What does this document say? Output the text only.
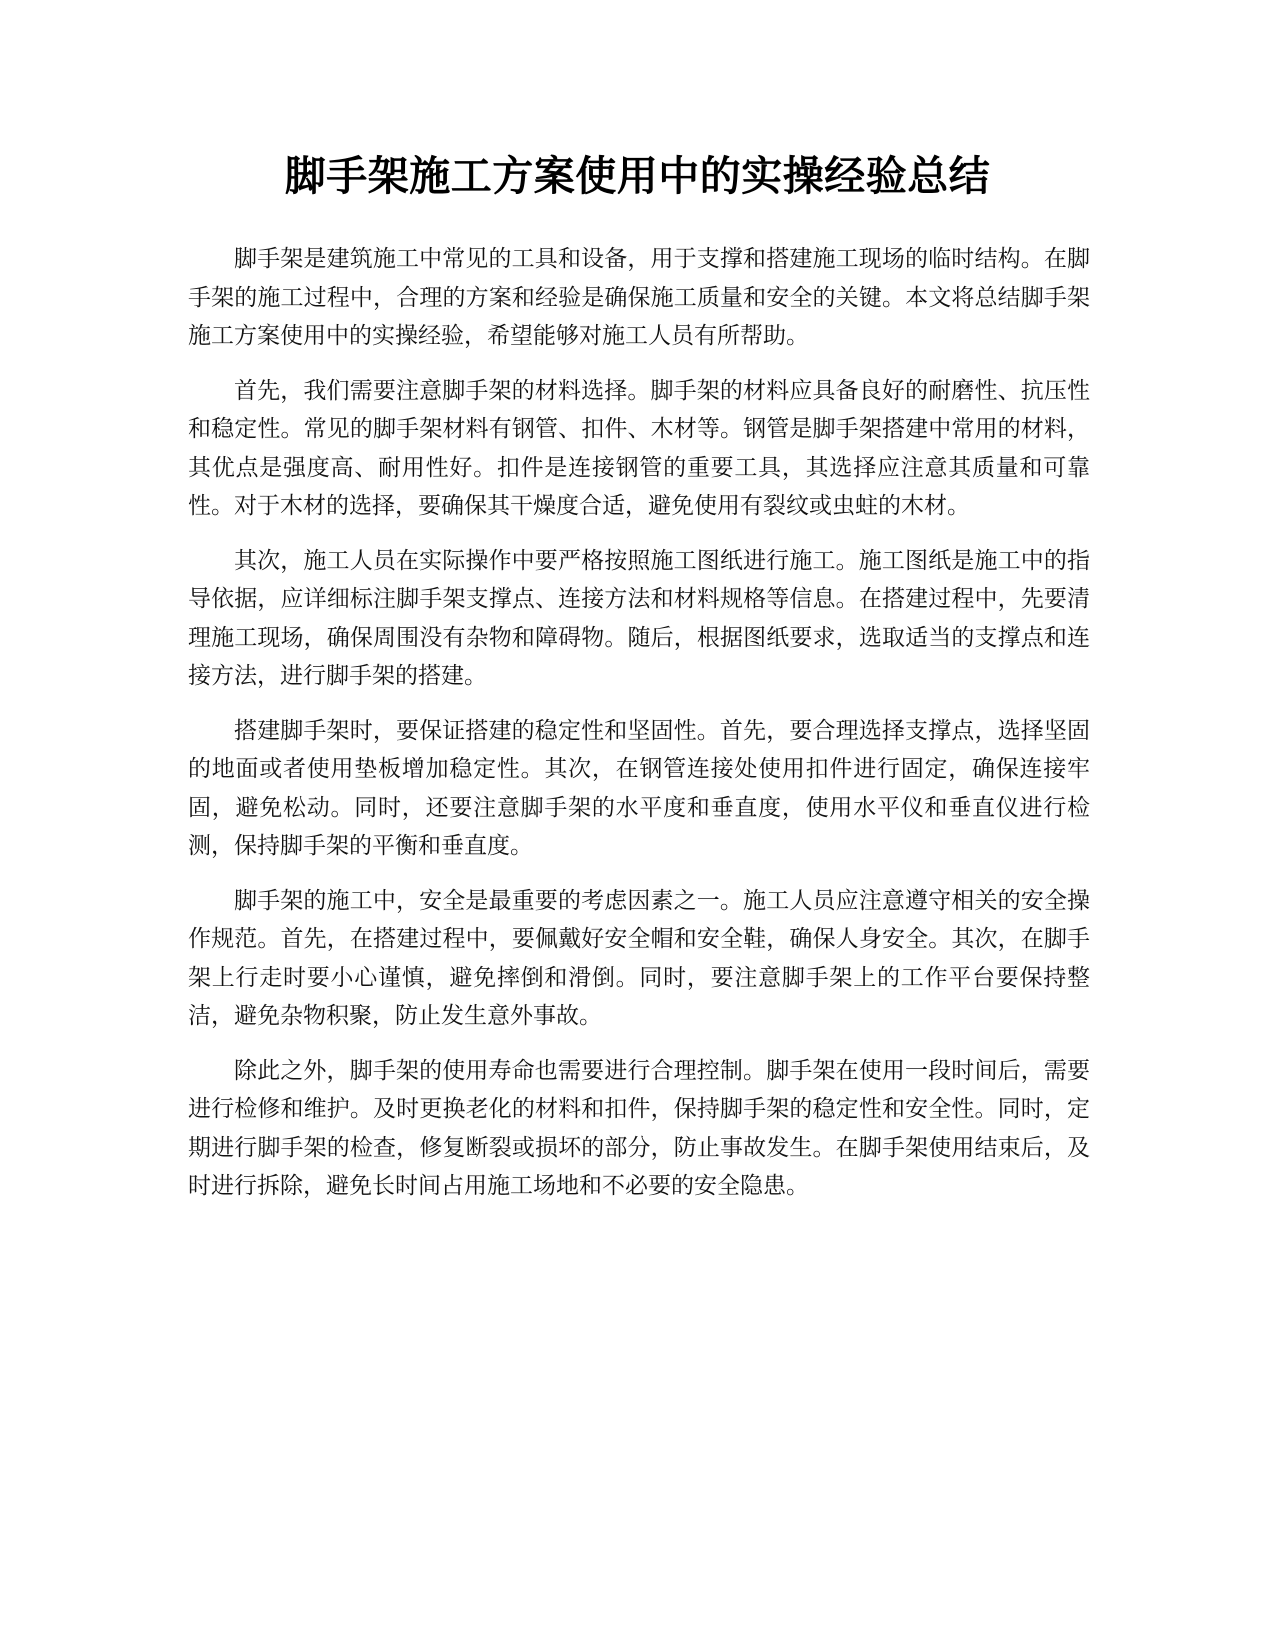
脚手架施工方案使用中的实操经验总结

脚手架是建筑施工中常见的工具和设备，用于支撑和搭建施工现场的临时结构。在脚手架的施工过程中，合理的方案和经验是确保施工质量和安全的关键。本文将总结脚手架施工方案使用中的实操经验，希望能够对施工人员有所帮助。

首先，我们需要注意脚手架的材料选择。脚手架的材料应具备良好的耐磨性、抗压性和稳定性。常见的脚手架材料有钢管、扣件、木材等。钢管是脚手架搭建中常用的材料，其优点是强度高、耐用性好。扣件是连接钢管的重要工具，其选择应注意其质量和可靠性。对于木材的选择，要确保其干燥度合适，避免使用有裂纹或虫蛀的木材。

其次，施工人员在实际操作中要严格按照施工图纸进行施工。施工图纸是施工中的指导依据，应详细标注脚手架支撑点、连接方法和材料规格等信息。在搭建过程中，先要清理施工现场，确保周围没有杂物和障碍物。随后，根据图纸要求，选取适当的支撑点和连接方法，进行脚手架的搭建。

搭建脚手架时，要保证搭建的稳定性和坚固性。首先，要合理选择支撑点，选择坚固的地面或者使用垫板增加稳定性。其次，在钢管连接处使用扣件进行固定，确保连接牢固，避免松动。同时，还要注意脚手架的水平度和垂直度，使用水平仪和垂直仪进行检测，保持脚手架的平衡和垂直度。

脚手架的施工中，安全是最重要的考虑因素之一。施工人员应注意遵守相关的安全操作规范。首先，在搭建过程中，要佩戴好安全帽和安全鞋，确保人身安全。其次，在脚手架上行走时要小心谨慎，避免摔倒和滑倒。同时，要注意脚手架上的工作平台要保持整洁，避免杂物积聚，防止发生意外事故。

除此之外，脚手架的使用寿命也需要进行合理控制。脚手架在使用一段时间后，需要进行检修和维护。及时更换老化的材料和扣件，保持脚手架的稳定性和安全性。同时，定期进行脚手架的检查，修复断裂或损坏的部分，防止事故发生。在脚手架使用结束后，及时进行拆除，避免长时间占用施工场地和不必要的安全隐患。
